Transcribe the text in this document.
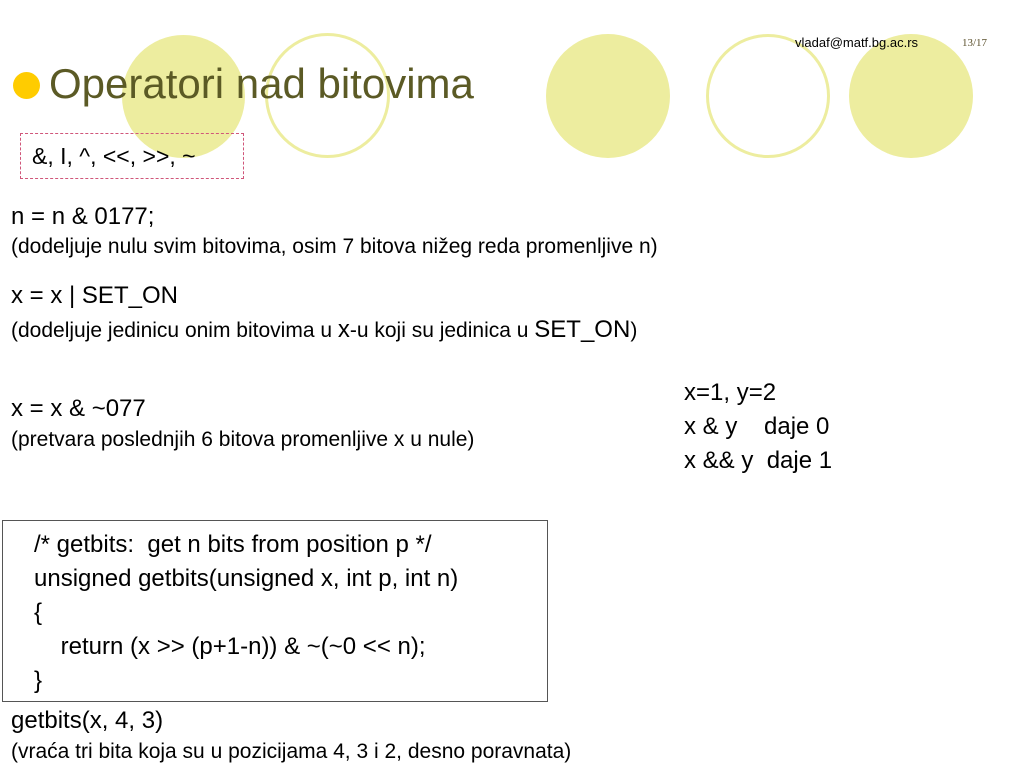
vladaf@matf.bg.ac.rs	13/17
Operatori nad bitovima
&, I, ^, <<, >>, ~
n = n & 0177;
(dodeljuje nulu svim bitovima, osim 7 bitova nižeg reda promenljive n)
x = x | SET_ON
(dodeljuje jedinicu onim bitovima u x-u koji su jedinica u SET_ON)
x = x & ~077
(pretvara poslednjih 6 bitova promenljive x u nule)
x=1, y=2
x & y    daje 0
x && y  daje 1
/* getbits:  get n bits from position p */
unsigned getbits(unsigned x, int p, int n)
{
return (x >> (p+1-n)) & ~(~0 << n);
}
getbits(x, 4, 3)
(vraća tri bita koja su u pozicijama 4, 3 i 2, desno poravnata)
